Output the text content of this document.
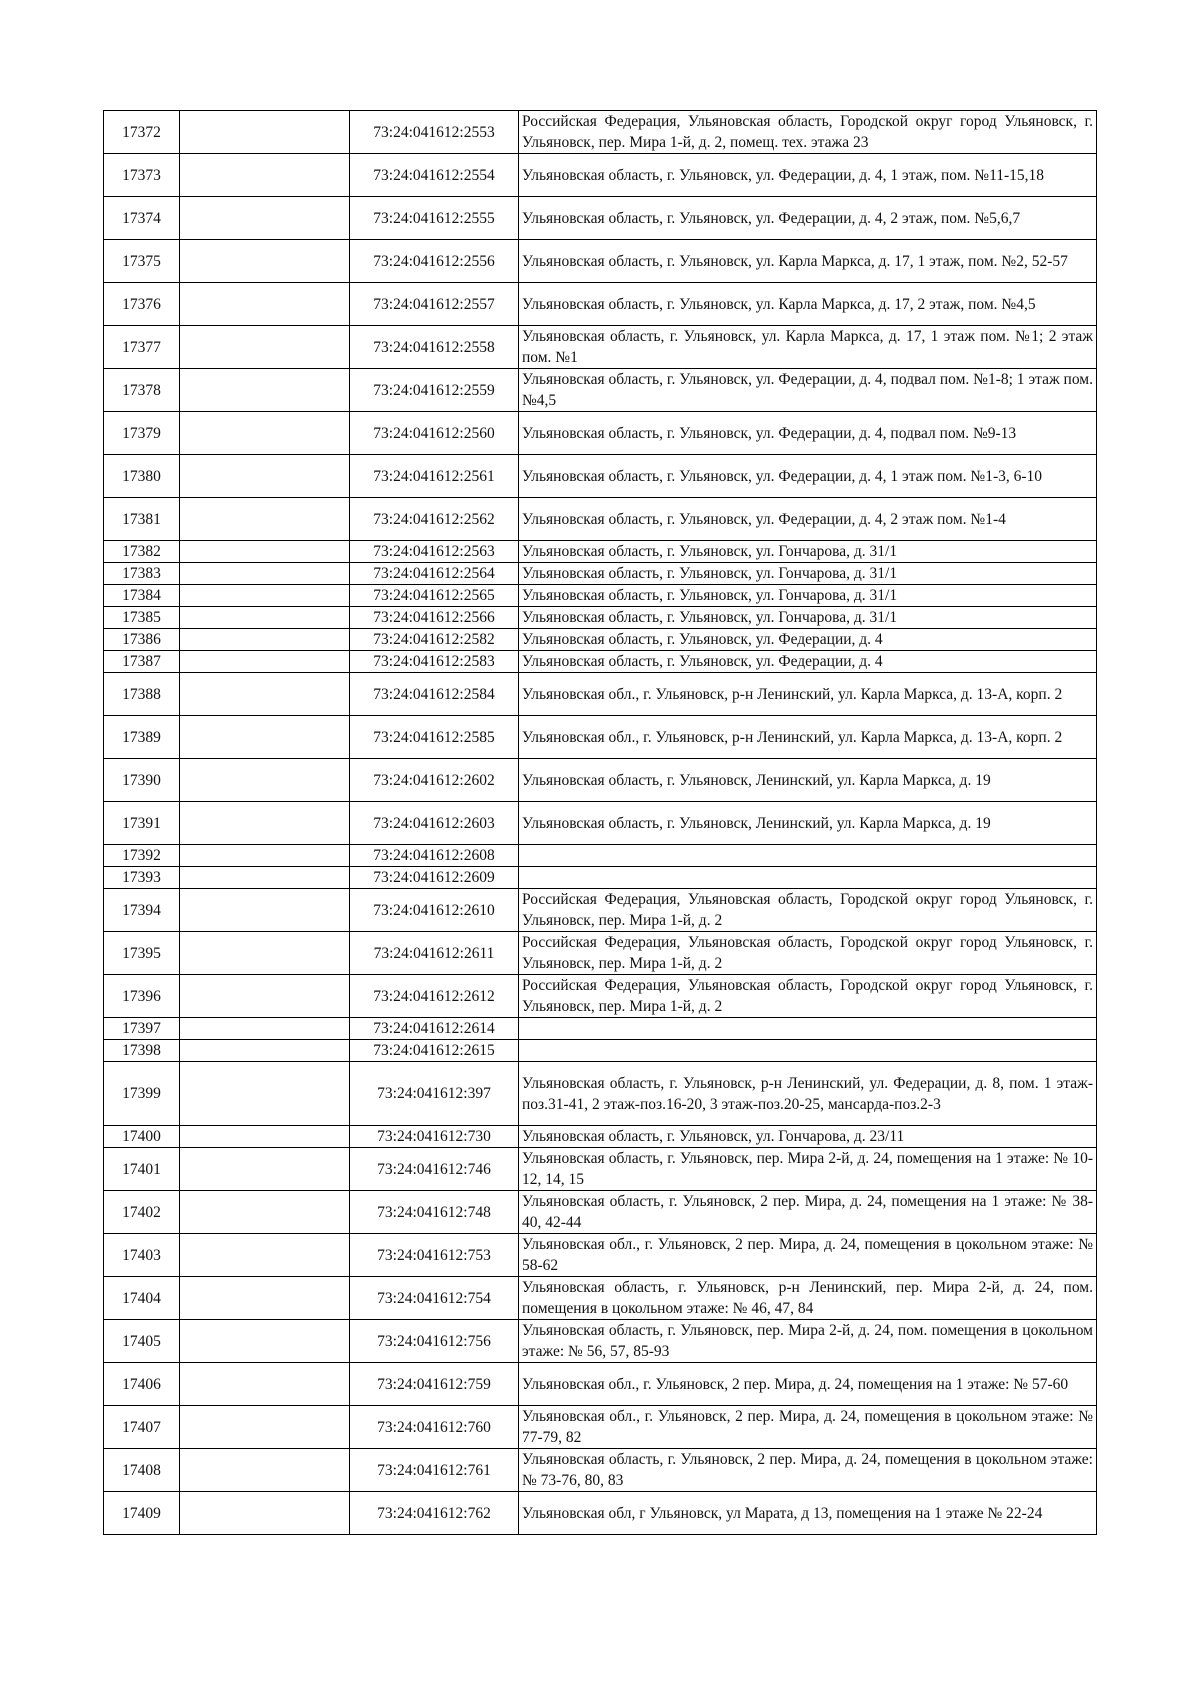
17372		73:24:041612:2553	Российская Федерация, Ульяновская область, Городской округ город Ульяновск, г. Ульяновск, пер. Мира 1-й, д. 2, помещ. тех. этажа 23
17373		73:24:041612:2554	Ульяновская область, г. Ульяновск, ул. Федерации, д. 4, 1 этаж, пом. №11-15,18
17374		73:24:041612:2555	Ульяновская область, г. Ульяновск, ул. Федерации, д. 4, 2 этаж, пом. №5,6,7
17375		73:24:041612:2556	Ульяновская область, г. Ульяновск, ул. Карла Маркса, д. 17, 1 этаж, пом. №2, 52-57
17376		73:24:041612:2557	Ульяновская область, г. Ульяновск, ул. Карла Маркса, д. 17, 2 этаж, пом. №4,5
17377		73:24:041612:2558	Ульяновская область, г. Ульяновск, ул. Карла Маркса, д. 17, 1 этаж пом. №1; 2 этаж пом. №1
17378		73:24:041612:2559	Ульяновская область, г. Ульяновск, ул. Федерации, д. 4, подвал пом. №1-8; 1 этаж пом. №4,5
17379		73:24:041612:2560	Ульяновская область, г. Ульяновск, ул. Федерации, д. 4, подвал пом. №9-13
17380		73:24:041612:2561	Ульяновская область, г. Ульяновск, ул. Федерации, д. 4, 1 этаж пом. №1-3, 6-10
17381		73:24:041612:2562	Ульяновская область, г. Ульяновск, ул. Федерации, д. 4, 2 этаж пом. №1-4
17382		73:24:041612:2563	Ульяновская область, г. Ульяновск, ул. Гончарова, д. 31/1
17383		73:24:041612:2564	Ульяновская область, г. Ульяновск, ул. Гончарова, д. 31/1
17384		73:24:041612:2565	Ульяновская область, г. Ульяновск, ул. Гончарова, д. 31/1
17385		73:24:041612:2566	Ульяновская область, г. Ульяновск, ул. Гончарова, д. 31/1
17386		73:24:041612:2582	Ульяновская область, г. Ульяновск, ул. Федерации, д. 4
17387		73:24:041612:2583	Ульяновская область, г. Ульяновск, ул. Федерации, д. 4
17388		73:24:041612:2584	Ульяновская обл., г. Ульяновск, р-н Ленинский, ул. Карла Маркса, д. 13-А, корп. 2
17389		73:24:041612:2585	Ульяновская обл., г. Ульяновск, р-н Ленинский, ул. Карла Маркса, д. 13-А, корп. 2
17390		73:24:041612:2602	Ульяновская область, г. Ульяновск, Ленинский, ул. Карла Маркса, д. 19
17391		73:24:041612:2603	Ульяновская область, г. Ульяновск, Ленинский, ул. Карла Маркса, д. 19
17392		73:24:041612:2608	
17393		73:24:041612:2609	
17394		73:24:041612:2610	Российская Федерация, Ульяновская область, Городской округ город Ульяновск, г. Ульяновск, пер. Мира 1-й, д. 2
17395		73:24:041612:2611	Российская Федерация, Ульяновская область, Городской округ город Ульяновск, г. Ульяновск, пер. Мира 1-й, д. 2
17396		73:24:041612:2612	Российская Федерация, Ульяновская область, Городской округ город Ульяновск, г. Ульяновск, пер. Мира 1-й, д. 2
17397		73:24:041612:2614	
17398		73:24:041612:2615	
17399		73:24:041612:397	Ульяновская область, г. Ульяновск, р-н Ленинский, ул. Федерации, д. 8, пом. 1 этаж-поз.31-41, 2 этаж-поз.16-20, 3 этаж-поз.20-25, мансарда-поз.2-3
17400		73:24:041612:730	Ульяновская область, г. Ульяновск, ул. Гончарова, д. 23/11
17401		73:24:041612:746	Ульяновская область, г. Ульяновск, пер. Мира 2-й, д. 24, помещения на 1 этаже: № 10-12, 14, 15
17402		73:24:041612:748	Ульяновская область, г. Ульяновск, 2 пер. Мира, д. 24, помещения на 1 этаже: № 38-40, 42-44
17403		73:24:041612:753	Ульяновская обл., г. Ульяновск, 2 пер. Мира, д. 24, помещения в цокольном этаже: № 58-62
17404		73:24:041612:754	Ульяновская область, г. Ульяновск, р-н Ленинский, пер. Мира 2-й, д. 24, пом. помещения в цокольном этаже: № 46, 47, 84
17405		73:24:041612:756	Ульяновская область, г. Ульяновск, пер. Мира 2-й, д. 24, пом. помещения в цокольном этаже: № 56, 57, 85-93
17406		73:24:041612:759	Ульяновская обл., г. Ульяновск, 2 пер. Мира, д. 24, помещения на 1 этаже: № 57-60
17407		73:24:041612:760	Ульяновская обл., г. Ульяновск, 2 пер. Мира, д. 24, помещения в цокольном этаже: № 77-79, 82
17408		73:24:041612:761	Ульяновская область, г. Ульяновск, 2 пер. Мира, д. 24, помещения в цокольном этаже: № 73-76, 80, 83
17409		73:24:041612:762	Ульяновская обл, г Ульяновск, ул Марата, д 13, помещения на 1 этаже № 22-24
